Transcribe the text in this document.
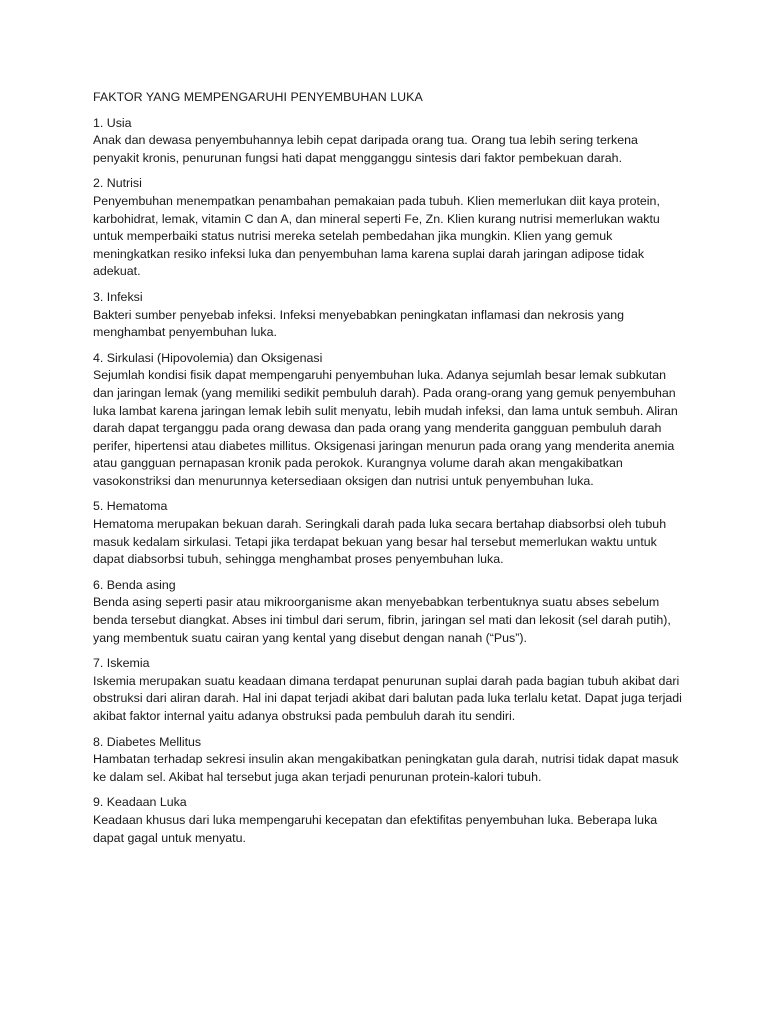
FAKTOR YANG MEMPENGARUHI PENYEMBUHAN LUKA

1. Usia

Anak dan dewasa penyembuhannya lebih cepat daripada orang tua. Orang tua lebih sering terkena penyakit kronis, penurunan fungsi hati dapat mengganggu sintesis dari faktor pembekuan darah.

2. Nutrisi

Penyembuhan menempatkan penambahan pemakaian pada tubuh. Klien memerlukan diit kaya protein, karbohidrat, lemak, vitamin C dan A, dan mineral seperti Fe, Zn. Klien kurang nutrisi memerlukan waktu untuk memperbaiki status nutrisi mereka setelah pembedahan jika mungkin. Klien yang gemuk meningkatkan resiko infeksi luka dan penyembuhan lama karena suplai darah jaringan adipose tidak adekuat.

3. Infeksi

Bakteri sumber penyebab infeksi. Infeksi menyebabkan peningkatan inflamasi dan nekrosis yang menghambat penyembuhan luka.

4. Sirkulasi (Hipovolemia) dan Oksigenasi

Sejumlah kondisi fisik dapat mempengaruhi penyembuhan luka. Adanya sejumlah besar lemak subkutan dan jaringan lemak (yang memiliki sedikit pembuluh darah). Pada orang-orang yang gemuk penyembuhan luka lambat karena jaringan lemak lebih sulit menyatu, lebih mudah infeksi, dan lama untuk sembuh. Aliran darah dapat terganggu pada orang dewasa dan pada orang yang menderita gangguan pembuluh darah perifer, hipertensi atau diabetes millitus. Oksigenasi jaringan menurun pada orang yang menderita anemia atau gangguan pernapasan kronik pada perokok. Kurangnya volume darah akan mengakibatkan vasokonstriksi dan menurunnya ketersediaan oksigen dan nutrisi untuk penyembuhan luka.

5. Hematoma

Hematoma merupakan bekuan darah. Seringkali darah pada luka secara bertahap diabsorbsi oleh tubuh masuk kedalam sirkulasi. Tetapi jika terdapat bekuan yang besar hal tersebut memerlukan waktu untuk dapat diabsorbsi tubuh, sehingga menghambat proses penyembuhan luka.

6. Benda asing

Benda asing seperti pasir atau mikroorganisme akan menyebabkan terbentuknya suatu abses sebelum benda tersebut diangkat. Abses ini timbul dari serum, fibrin, jaringan sel mati dan lekosit (sel darah putih), yang membentuk suatu cairan yang kental yang disebut dengan nanah (“Pus”).

7. Iskemia

Iskemia merupakan suatu keadaan dimana terdapat penurunan suplai darah pada bagian tubuh akibat dari obstruksi dari aliran darah. Hal ini dapat terjadi akibat dari balutan pada luka terlalu ketat. Dapat juga terjadi akibat faktor internal yaitu adanya obstruksi pada pembuluh darah itu sendiri.

8. Diabetes Mellitus

Hambatan terhadap sekresi insulin akan mengakibatkan peningkatan gula darah, nutrisi tidak dapat masuk ke dalam sel. Akibat hal tersebut juga akan terjadi penurunan protein-kalori tubuh.

9. Keadaan Luka

Keadaan khusus dari luka mempengaruhi kecepatan dan efektifitas penyembuhan luka. Beberapa luka dapat gagal untuk menyatu.
